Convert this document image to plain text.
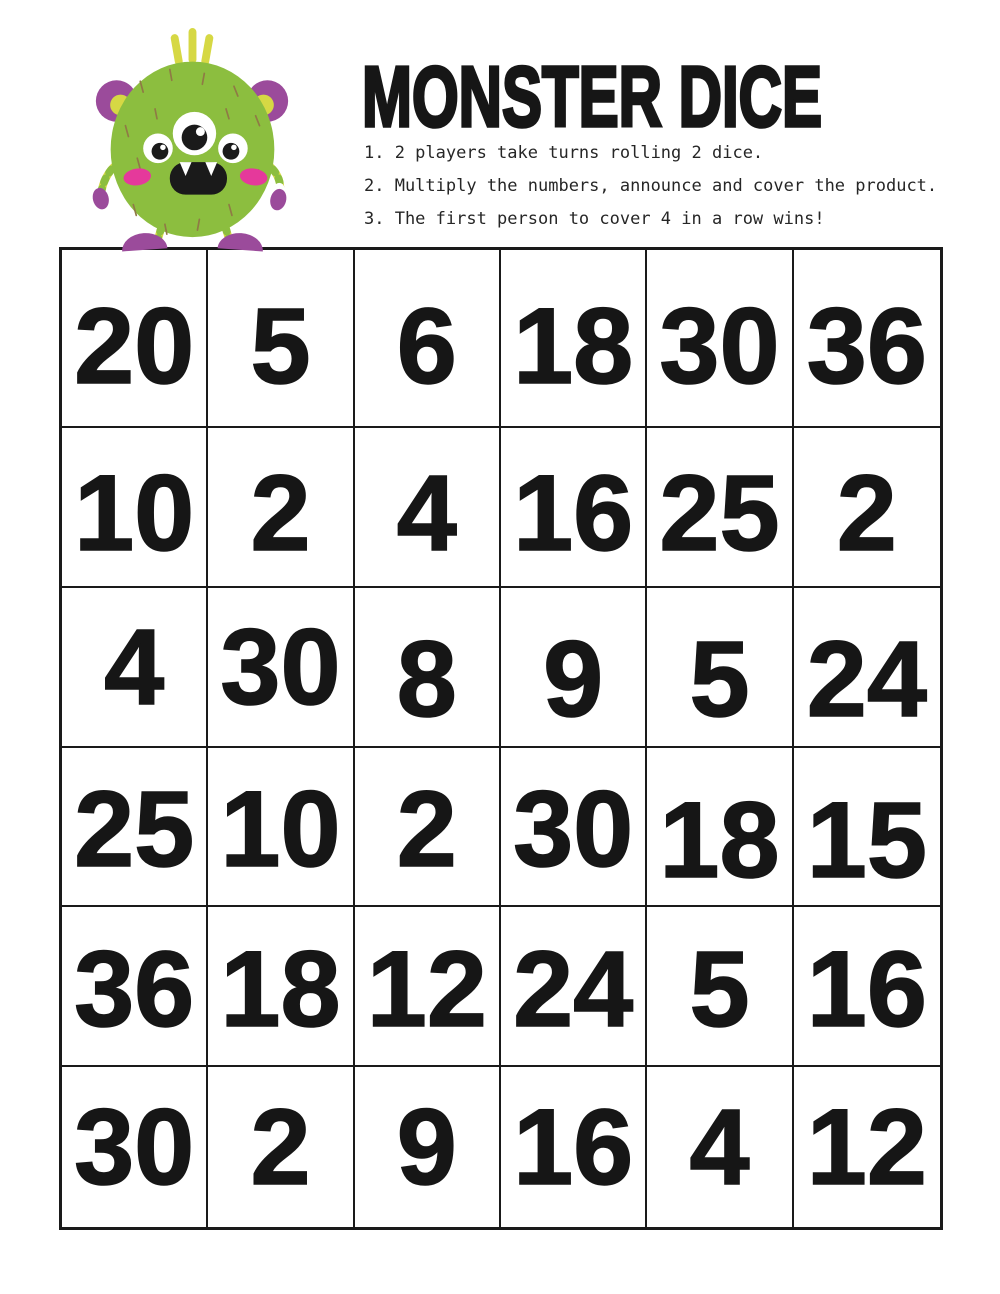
MONSTER DICE
1. 2 players take turns rolling 2 dice.
2. Multiply the numbers, announce and cover the product.
3. The first person to cover 4 in a row wins!
20 5 6 18 30 36
10 2 4 16 25 2
4 30 8 9 5 24
25 10 2 30 18 15
36 18 12 24 5 16
30 2 9 16 4 12
